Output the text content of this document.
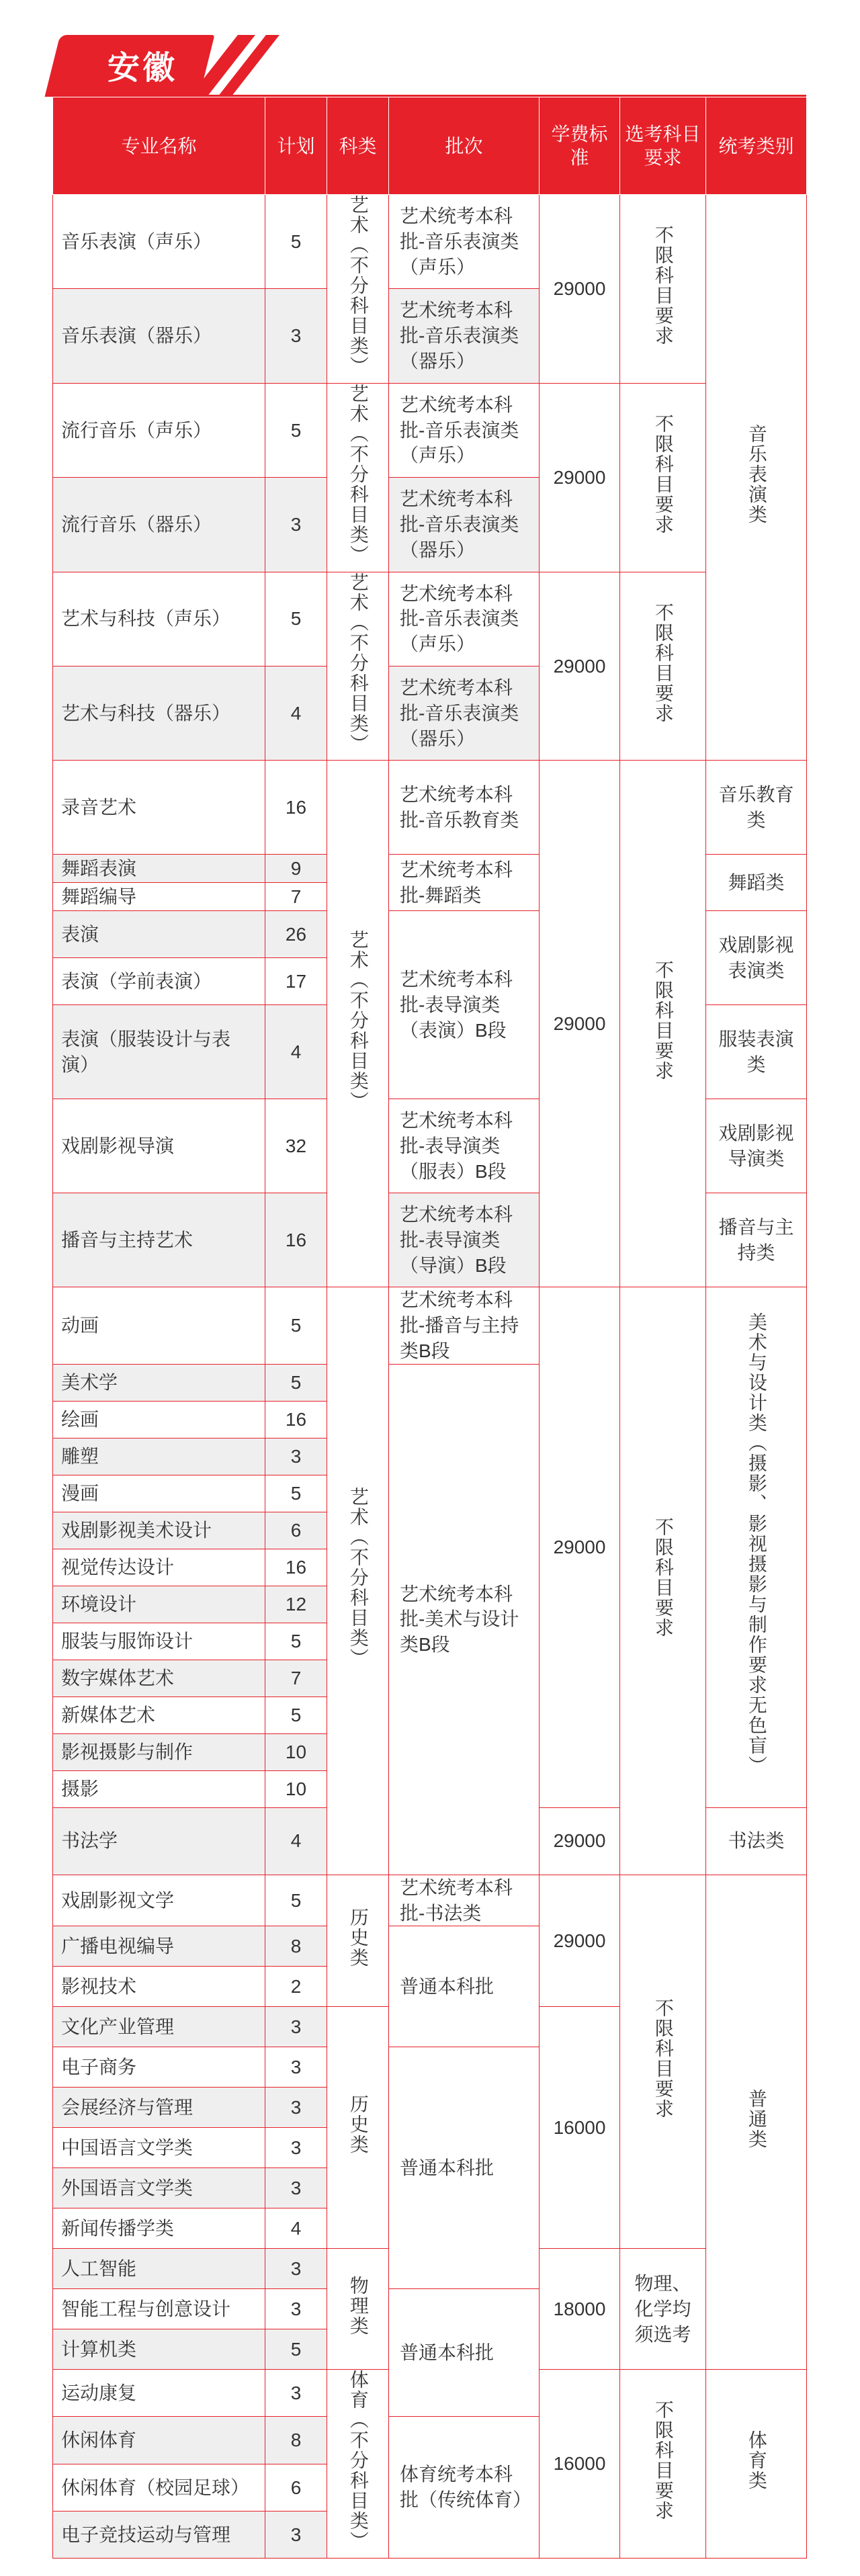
安徽
专业名称	计划	科类	批次	学费标准	选考科目要求	统考类别
音乐表演（声乐）	5	艺术（不分科目类）	艺术统考本科批-音乐表演类（声乐）	29000	不限科目要求	音乐表演类
音乐表演（器乐）	3		艺术统考本科批-音乐表演类（器乐）			
流行音乐（声乐）	5	艺术（不分科目类）	艺术统考本科批-音乐表演类（声乐）	29000	不限科目要求	
流行音乐（器乐）	3		艺术统考本科批-音乐表演类（器乐）			
艺术与科技（声乐）	5	艺术（不分科目类）	艺术统考本科批-音乐表演类（声乐）	29000	不限科目要求	
艺术与科技（器乐）	4		艺术统考本科批-音乐表演类（器乐）			
录音艺术	16	艺术（不分科目类）	艺术统考本科批-音乐教育类	29000	不限科目要求	音乐教育类
舞蹈表演	9		艺术统考本科批-舞蹈类			舞蹈类
舞蹈编导	7					
表演	26		艺术统考本科批-表导演类（表演）B段			戏剧影视表演类
表演（学前表演）	17					
表演（服装设计与表演）	4					服装表演类
戏剧影视导演	32		艺术统考本科批-表导演类（服表）B段			戏剧影视导演类
播音与主持艺术	16		艺术统考本科批-表导演类（导演）B段			播音与主持类
动画	5	艺术（不分科目类）	艺术统考本科批-播音与主持类B段	29000	不限科目要求	美术与设计类（摄影、影视摄影与制作要求无色盲）
美术学	5		艺术统考本科批-美术与设计类B段			
绘画	16					
雕塑	3					
漫画	5					
戏剧影视美术设计	6					
视觉传达设计	16					
环境设计	12					
服装与服饰设计	5					
数字媒体艺术	7					
新媒体艺术	5					
影视摄影与制作	10					
摄影	10					
书法学	4			29000		书法类
戏剧影视文学	5	历史类	艺术统考本科批-书法类	29000	不限科目要求	普通类
广播电视编导	8		普通本科批			
影视技术	2					
文化产业管理	3	历史类		16000		
电子商务	3		普通本科批			
会展经济与管理	3					
中国语言文学类	3					
外国语言文学类	3					
新闻传播学类	4					
人工智能	3	物理类		18000	物理、化学均须选考	
智能工程与创意设计	3		普通本科批			
计算机类	5					
运动康复	3	体育（不分科目类）		16000	不限科目要求	体育类
休闲体育	8		体育统考本科批（传统体育）			
休闲体育（校园足球）	6					
电子竞技运动与管理	3					
